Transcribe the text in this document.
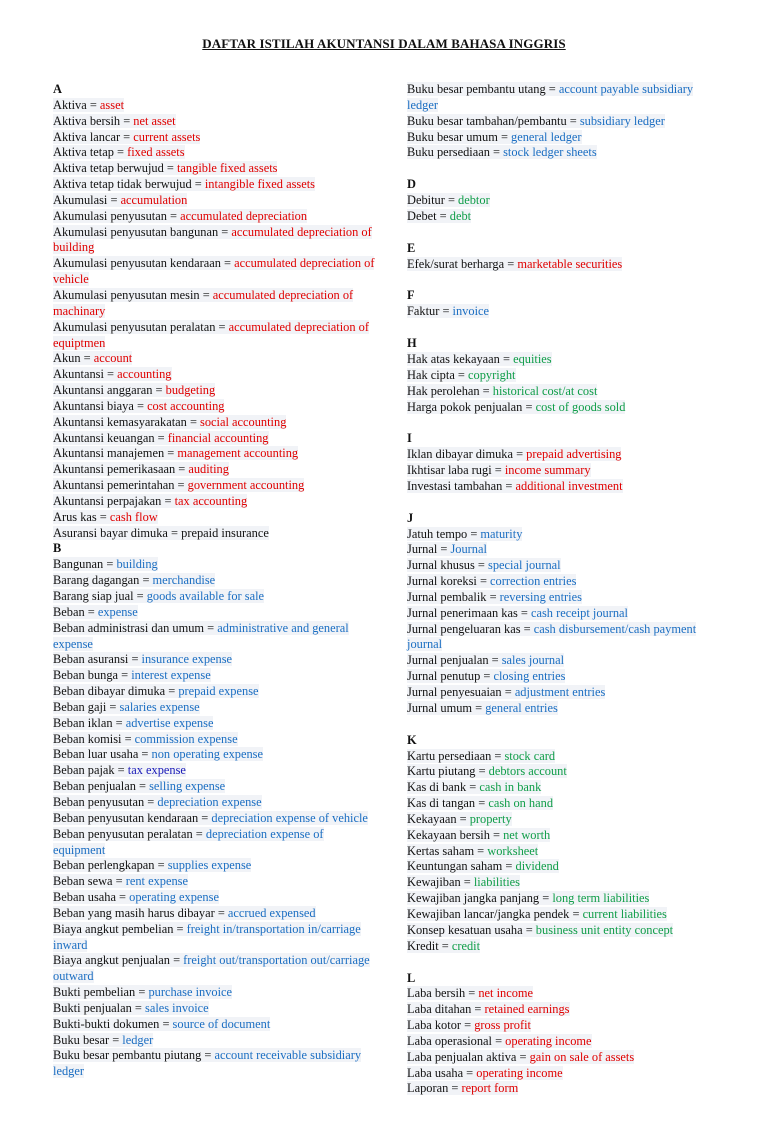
DAFTAR ISTILAH AKUNTANSI DALAM BAHASA INGGRIS
A
Aktiva = asset
Aktiva bersih = net asset
Aktiva lancar = current assets
Aktiva tetap = fixed assets
Aktiva tetap berwujud = tangible fixed assets
Aktiva tetap tidak berwujud = intangible fixed assets
Akumulasi = accumulation
Akumulasi penyusutan = accumulated depreciation
Akumulasi penyusutan bangunan = accumulated depreciation of building
Akumulasi penyusutan kendaraan = accumulated depreciation of vehicle
Akumulasi penyusutan mesin = accumulated depreciation of machinary
Akumulasi penyusutan peralatan = accumulated depreciation of equiptmen
Akun = account
Akuntansi = accounting
Akuntansi anggaran = budgeting
Akuntansi biaya = cost accounting
Akuntansi kemasyarakatan = social accounting
Akuntansi keuangan = financial accounting
Akuntansi manajemen = management accounting
Akuntansi pemerikasaan = auditing
Akuntansi pemerintahan = government accounting
Akuntansi perpajakan = tax accounting
Arus kas = cash flow
Asuransi bayar dimuka = prepaid insurance
B
Bangunan = building
Barang dagangan = merchandise
Barang siap jual = goods available for sale
Beban = expense
Beban administrasi dan umum = administrative and general expense
Beban asuransi = insurance expense
Beban bunga = interest expense
Beban dibayar dimuka = prepaid expense
Beban gaji = salaries expense
Beban iklan = advertise expense
Beban komisi = commission expense
Beban luar usaha = non operating expense
Beban pajak = tax expense
Beban penjualan = selling expense
Beban penyusutan = depreciation expense
Beban penyusutan kendaraan = depreciation expense of vehicle
Beban penyusutan peralatan = depreciation expense of equipment
Beban perlengkapan = supplies expense
Beban sewa = rent expense
Beban usaha = operating expense
Beban yang masih harus dibayar = accrued expensed
Biaya angkut pembelian = freight in/transportation in/carriage inward
Biaya angkut penjualan = freight out/transportation out/carriage outward
Bukti pembelian = purchase invoice
Bukti penjualan = sales invoice
Bukti-bukti dokumen = source of document
Buku besar = ledger
Buku besar pembantu piutang = account receivable subsidiary ledger
Buku besar pembantu utang = account payable subsidiary ledger
Buku besar tambahan/pembantu = subsidiary ledger
Buku besar umum = general ledger
Buku persediaan = stock ledger sheets
D
Debitur = debtor
Debet = debt
E
Efek/surat berharga = marketable securities
F
Faktur = invoice
H
Hak atas kekayaan = equities
Hak cipta = copyright
Hak perolehan = historical cost/at cost
Harga pokok penjualan = cost of goods sold
I
Iklan dibayar dimuka = prepaid advertising
Ikhtisar laba rugi = income summary
Investasi tambahan = additional investment
J
Jatuh tempo = maturity
Jurnal = Journal
Jurnal khusus = special journal
Jurnal koreksi = correction entries
Jurnal pembalik = reversing entries
Jurnal penerimaan kas = cash receipt journal
Jurnal pengeluaran kas = cash disbursement/cash payment journal
Jurnal penjualan = sales journal
Jurnal penutup = closing entries
Jurnal penyesuaian = adjustment entries
Jurnal umum = general entries
K
Kartu persediaan = stock card
Kartu piutang = debtors account
Kas di bank = cash in bank
Kas di tangan = cash on hand
Kekayaan = property
Kekayaan bersih = net worth
Kertas saham = worksheet
Keuntungan saham = dividend
Kewajiban = liabilities
Kewajiban jangka panjang = long term liabilities
Kewajiban lancar/jangka pendek = current liabilities
Konsep kesatuan usaha = business unit entity concept
Kredit = credit
L
Laba bersih = net income
Laba ditahan = retained earnings
Laba kotor = gross profit
Laba operasional = operating income
Laba penjualan aktiva = gain on sale of assets
Laba usaha = operating income
Laporan = report form
